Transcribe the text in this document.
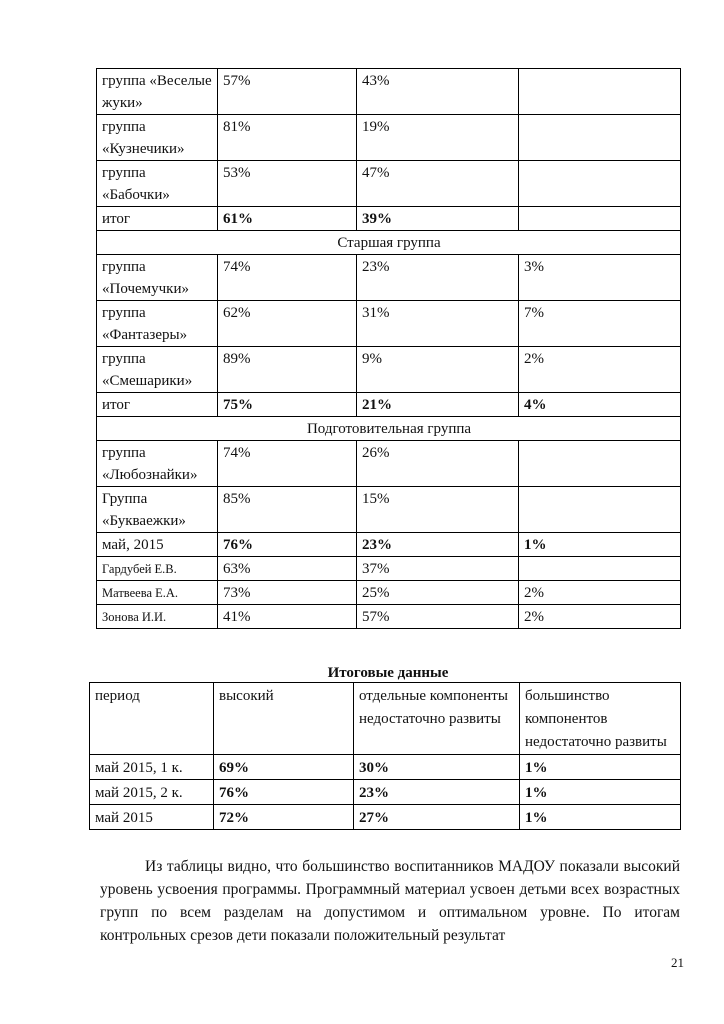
группа «Веселые жуки»	57%	43%	
группа «Кузнечики»	81%	19%	
группа «Бабочки»	53%	47%	
итог	61%	39%	
Старшая группа			
группа «Почемучки»	74%	23%	3%
группа «Фантазеры»	62%	31%	7%
группа «Смешарики»	89%	9%	2%
итог	75%	21%	4%
Подготовительная группа			
группа «Любознайки»	74%	26%	
Группа «Букваежки»	85%	15%	
май, 2015	76%	23%	1%
Гардубей Е.В.	63%	37%	
Матвеева Е.А.	73%	25%	2%
Зонова И.И.	41%	57%	2%
Итоговые данные
период	высокий	отдельные компоненты недостаточно развиты	большинство компонентов недостаточно развиты
май 2015, 1 к.	69%	30%	1%
май 2015, 2 к.	76%	23%	1%
май 2015	72%	27%	1%

Из таблицы видно, что большинство воспитанников МАДОУ показали высокий уровень усвоения программы. Программный материал усвоен детьми всех возрастных групп по всем разделам на допустимом и оптимальном уровне. По итогам контрольных срезов дети показали положительный результат

21
